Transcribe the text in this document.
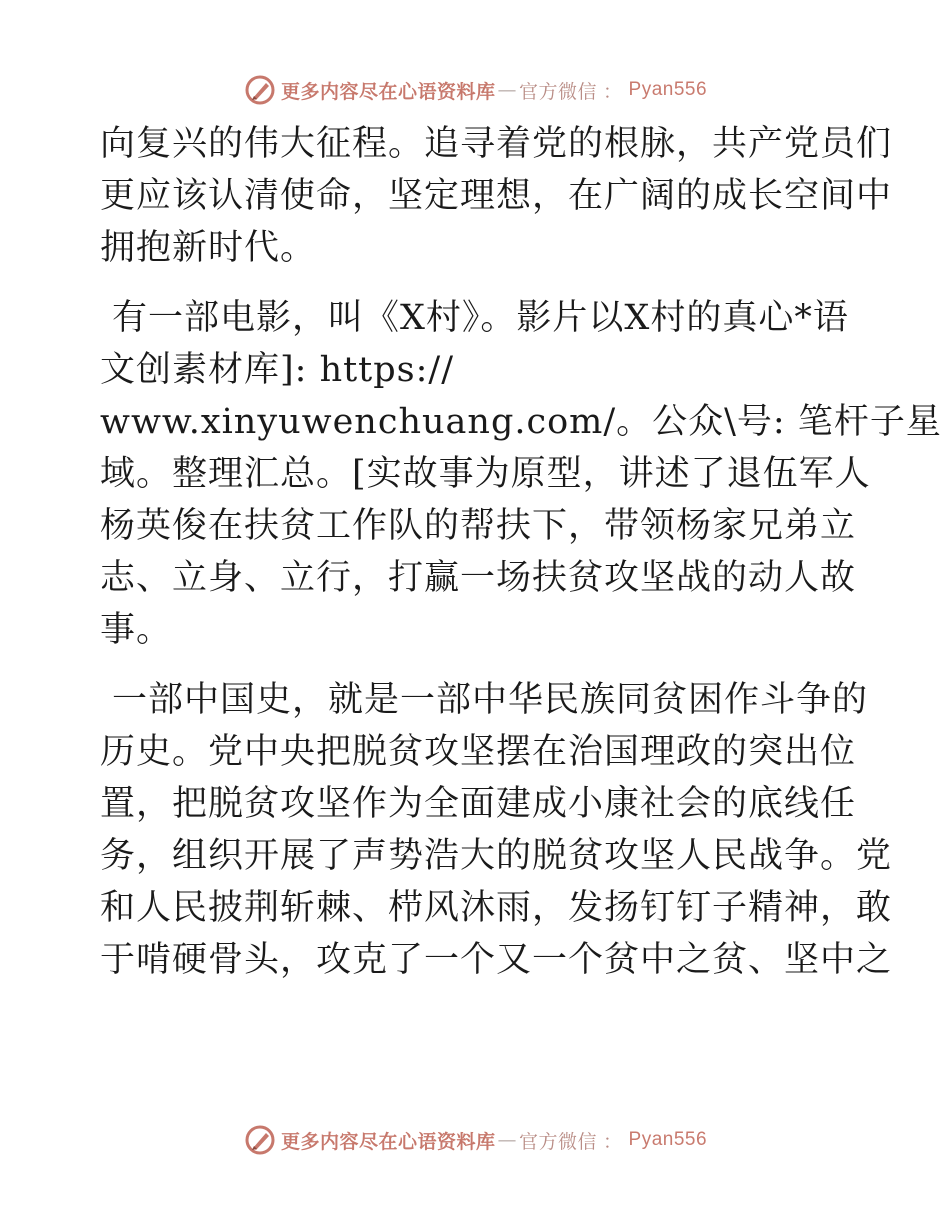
更多内容尽在心语资料库 — 官方微信 ： Pyan556
向复兴的伟大征程。追寻着党的根脉，共产党员们
更应该认清使命，坚定理想，在广阔的成长空间中
拥抱新时代。
有一部电影，叫《X村》。影片以X村的真心*语
文创素材库]: https://
www.xinyuwenchuang.com/。公众\号: 笔杆子星
域。整理汇总。[实故事为原型，讲述了退伍军人
杨英俊在扶贫工作队的帮扶下，带领杨家兄弟立
志、立身、立行，打赢一场扶贫攻坚战的动人故
事。
一部中国史，就是一部中华民族同贫困作斗争的
历史。党中央把脱贫攻坚摆在治国理政的突出位
置，把脱贫攻坚作为全面建成小康社会的底线任
务，组织开展了声势浩大的脱贫攻坚人民战争。党
和人民披荆斩棘、栉风沐雨，发扬钉钉子精神，敢
于啃硬骨头，攻克了一个又一个贫中之贫、坚中之
更多内容尽在心语资料库 — 官方微信 ： Pyan556
